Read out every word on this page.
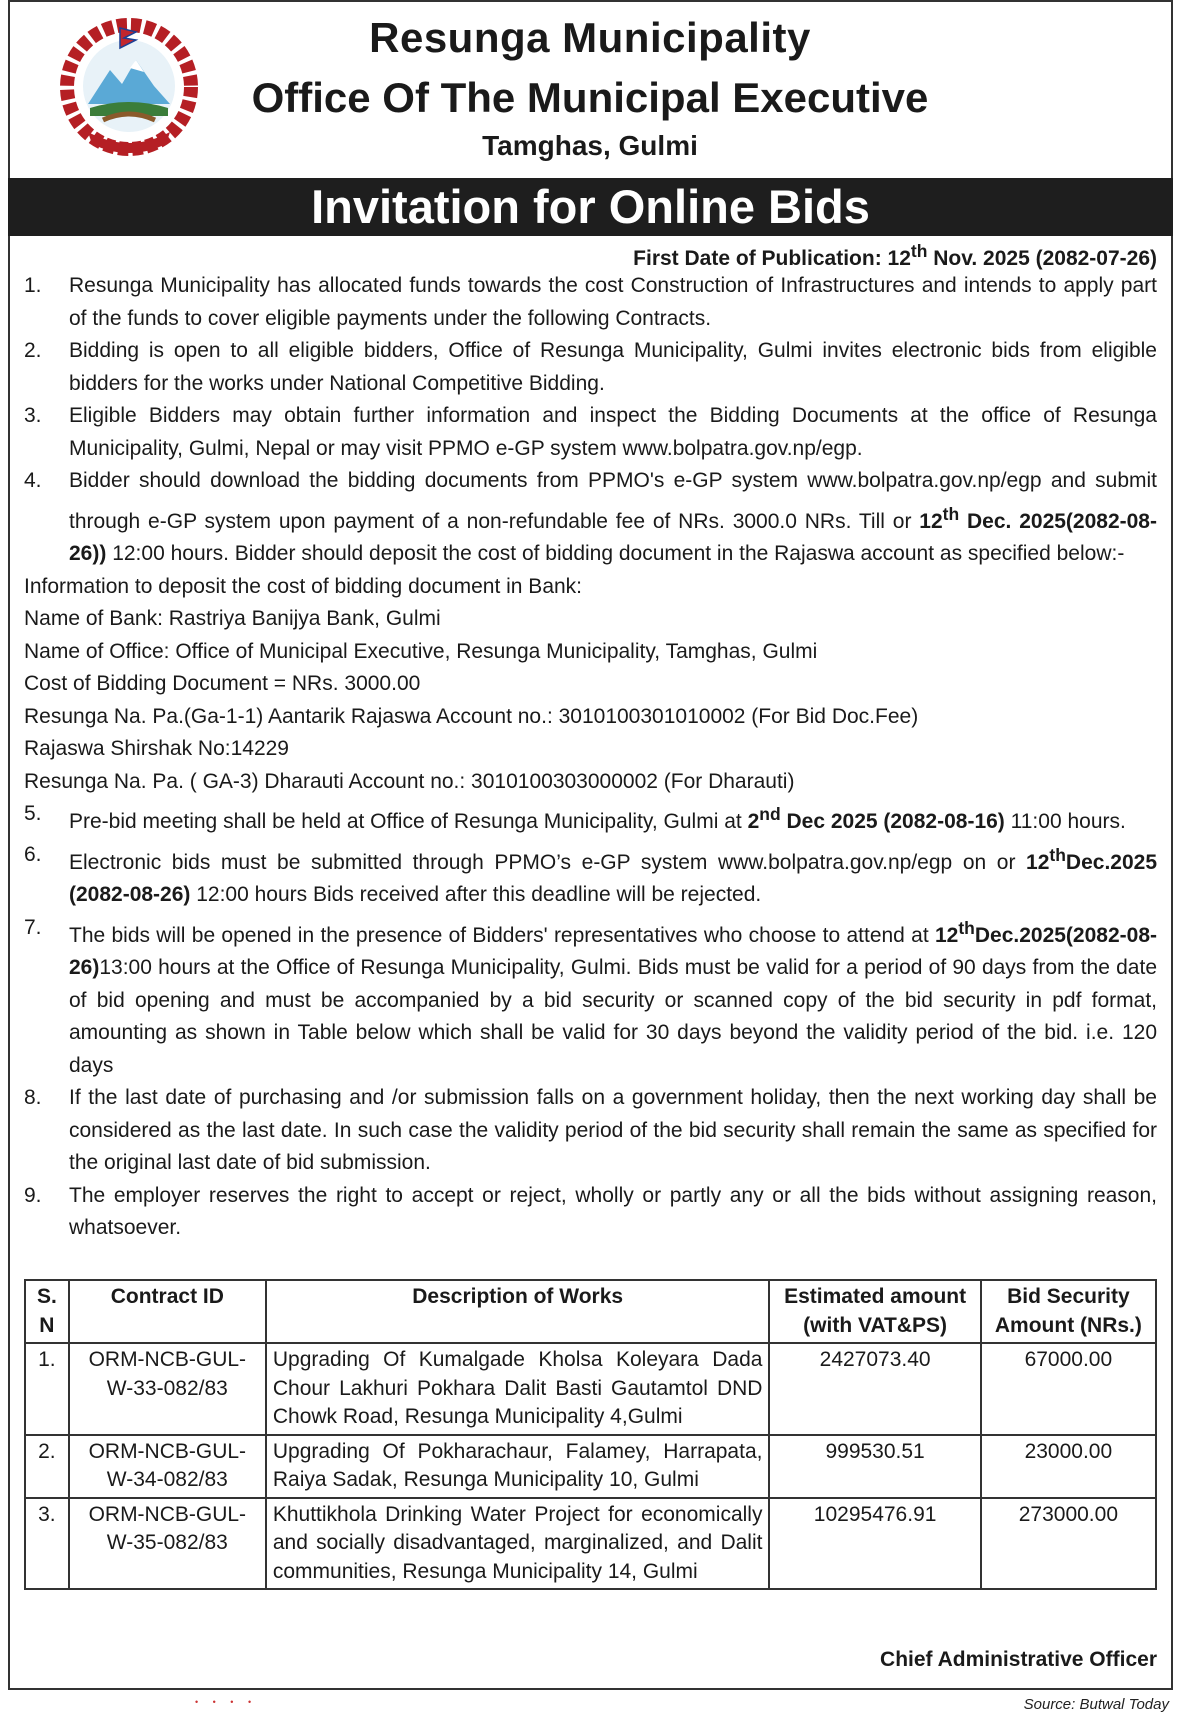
Resunga Municipality
Office Of The Municipal Executive
Tamghas, Gulmi
Invitation for Online Bids
First Date of Publication: 12th Nov. 2025 (2082-07-26)
1. Resunga Municipality has allocated funds towards the cost Construction of Infrastructures and intends to apply part of the funds to cover eligible payments under the following Contracts.
2. Bidding is open to all eligible bidders, Office of Resunga Municipality, Gulmi invites electronic bids from eligible bidders for the works under National Competitive Bidding.
3. Eligible Bidders may obtain further information and inspect the Bidding Documents at the office of Resunga Municipality, Gulmi, Nepal or may visit PPMO e-GP system www.bolpatra.gov.np/egp.
4. Bidder should download the bidding documents from PPMO's e-GP system www.bolpatra.gov.np/egp and submit through e-GP system upon payment of a non-refundable fee of NRs. 3000.0 NRs. Till or 12th Dec. 2025(2082-08-26)) 12:00 hours. Bidder should deposit the cost of bidding document in the Rajaswa account as specified below:-
Information to deposit the cost of bidding document in Bank:
Name of Bank: Rastriya Banijya Bank, Gulmi
Name of Office: Office of Municipal Executive, Resunga Municipality, Tamghas, Gulmi
Cost of Bidding Document = NRs. 3000.00
Resunga Na. Pa.(Ga-1-1) Aantarik Rajaswa Account no.: 3010100301010002 (For Bid Doc.Fee)
Rajaswa Shirshak No:14229
Resunga Na. Pa. ( GA-3) Dharauti Account no.: 3010100303000002 (For Dharauti)
5. Pre-bid meeting shall be held at Office of Resunga Municipality, Gulmi at 2nd Dec 2025 (2082-08-16) 11:00 hours.
6. Electronic bids must be submitted through PPMO’s e-GP system www.bolpatra.gov.np/egp on or 12thDec.2025 (2082-08-26) 12:00 hours Bids received after this deadline will be rejected.
7. The bids will be opened in the presence of Bidders' representatives who choose to attend at 12thDec.2025(2082-08-26)13:00 hours at the Office of Resunga Municipality, Gulmi. Bids must be valid for a period of 90 days from the date of bid opening and must be accompanied by a bid security or scanned copy of the bid security in pdf format, amounting as shown in Table below which shall be valid for 30 days beyond the validity period of the bid. i.e. 120 days
8. If the last date of purchasing and /or submission falls on a government holiday, then the next working day shall be considered as the last date. In such case the validity period of the bid security shall remain the same as specified for the original last date of bid submission.
9. The employer reserves the right to accept or reject, wholly or partly any or all the bids without assigning reason, whatsoever.
S. N	Contract ID	Description of Works	Estimated amount (with VAT&PS)	Bid Security Amount (NRs.)
1.	ORM-NCB-GUL-W-33-082/83	Upgrading Of Kumalgade Kholsa Koleyara Dada Chour Lakhuri Pokhara Dalit Basti Gautamtol DND Chowk Road, Resunga Municipality 4,Gulmi	2427073.40	67000.00
2.	ORM-NCB-GUL-W-34-082/83	Upgrading Of Pokharachaur, Falamey, Harrapata, Raiya Sadak, Resunga Municipality 10, Gulmi	999530.51	23000.00
3.	ORM-NCB-GUL-W-35-082/83	Khuttikhola Drinking Water Project for economically and socially disadvantaged, marginalized, and Dalit communities, Resunga Municipality 14, Gulmi	10295476.91	273000.00
Chief Administrative Officer
• • • •	Source: Butwal Today
